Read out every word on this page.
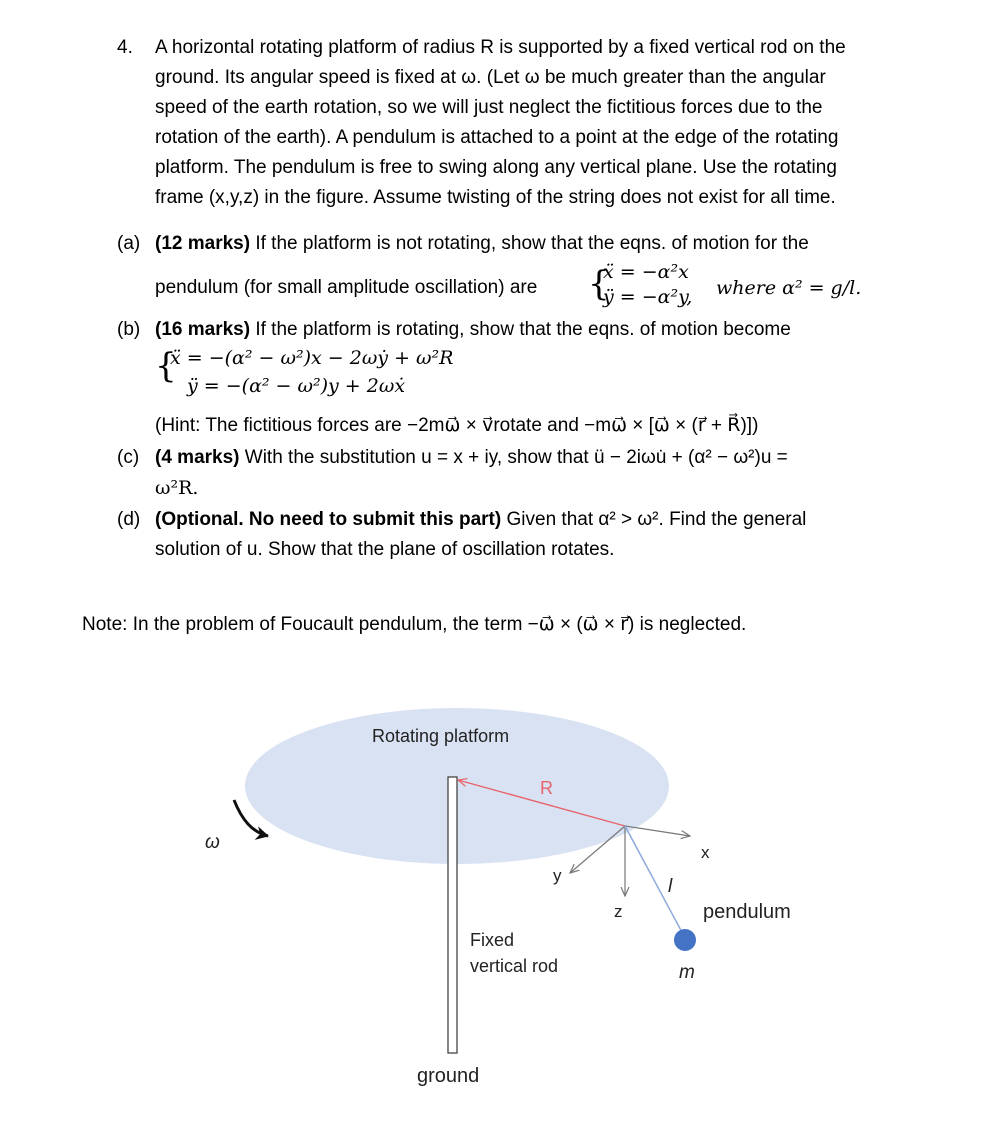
4. A horizontal rotating platform of radius R is supported by a fixed vertical rod on the
ground. Its angular speed is fixed at ω. (Let ω be much greater than the angular
speed of the earth rotation, so we will just neglect the fictitious forces due to the
rotation of the earth). A pendulum is attached to a point at the edge of the rotating
platform. The pendulum is free to swing along any vertical plane. Use the rotating
frame (x,y,z) in the figure. Assume twisting of the string does not exist for all time.
(a) (12 marks) If the platform is not rotating, show that the eqns. of motion for the
pendulum (for small amplitude oscillation) are {
ẍ = −α²x
ÿ = −α²y, where α² = g/l.
(b) (16 marks) If the platform is rotating, show that the eqns. of motion become
{
ẍ = −(α² − ω²)x − 2ωẏ + ω²R
ÿ = −(α² − ω²)y + 2ωẋ
(Hint: The fictitious forces are −2mω⃗ × v⃗rotate and −mω⃗ × [ω⃗ × (r⃗ + R⃗)])
(c) (4 marks) With the substitution u = x + iy, show that ü − 2iωu̇ + (α² − ω²)u =
ω²R.
(d) (Optional. No need to submit this part) Given that α² > ω². Find the general
solution of u. Show that the plane of oscillation rotates.
Note: In the problem of Foucault pendulum, the term −ω⃗ × (ω⃗ × r⃗) is neglected.
Rotating platform
Fixed
vertical rod
ground
R
x
y
z
l
m
pendulum
ω
